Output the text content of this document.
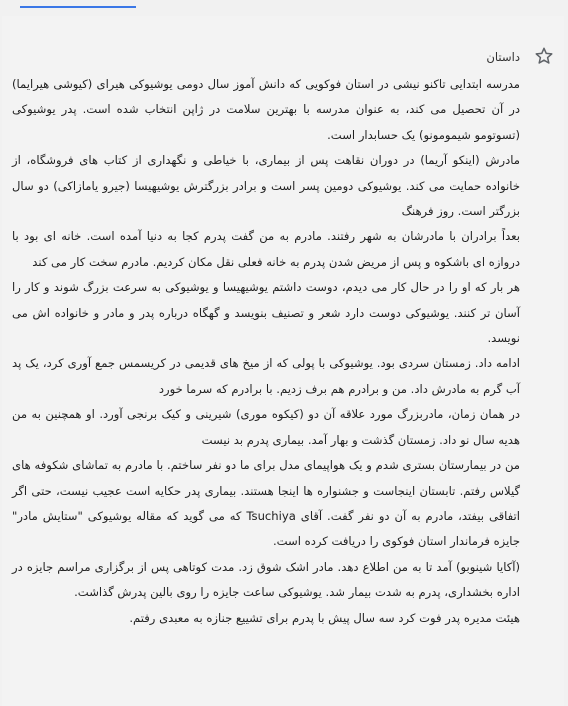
داستان

مدرسه ابتدایی تاکنو نیشی در استان فوکویی که دانش آموز سال دومی یوشیوکی هیرای (کیوشی هیرایما) در آن تحصیل می کند، به عنوان مدرسه با بهترین سلامت در ژاپن انتخاب شده است. پدر یوشیوکی (تسوتومو شیمومونو) یک حسابدار است.

مادرش (اینکو آریما) در دوران نقاهت پس از بیماری، با خیاطی و نگهداری از کتاب های فروشگاه، از خانواده حمایت می کند. یوشیوکی دومین پسر است و برادر بزرگترش یوشیهیسا (جیرو یامازاکی) دو سال بزرگتر است. روز فرهنگ

بعداً برادران با مادرشان به شهر رفتند. مادرم به من گفت پدرم کجا به دنیا آمده است. خانه ای بود با دروازه ای باشکوه و پس از مریض شدن پدرم به خانه فعلی نقل مکان کردیم. مادرم سخت کار می کند

هر بار که او را در حال کار می دیدم، دوست داشتم یوشیهیسا و یوشیوکی به سرعت بزرگ شوند و کار را آسان تر کنند. یوشیوکی دوست دارد شعر و تصنیف بنویسد و گهگاه درباره پدر و مادر و خانواده اش می نویسد.

ادامه داد. زمستان سردی بود. یوشیوکی با پولی که از میخ های قدیمی در کریسمس جمع آوری کرد، یک پد آب گرم به مادرش داد. من و برادرم هم برف زدیم. با برادرم که سرما خورد

در همان زمان، مادربزرگ مورد علاقه آن دو (کیکوه موری) شیرینی و کیک برنجی آورد. او همچنین به من هدیه سال نو داد. زمستان گذشت و بهار آمد. بیماری پدرم بد نیست

من در بیمارستان بستری شدم و یک هواپیمای مدل برای ما دو نفر ساختم. با مادرم به تماشای شکوفه های گیلاس رفتم. تابستان اینجاست و جشنواره ها اینجا هستند. بیماری پدر حکایه است عجیب نیست، حتی اگر اتفاقی بیفتد، مادرم به آن دو نفر گفت. آقای Tsuchiya که می گوید که مقاله یوشیوکی "ستایش مادر" جایزه فرماندار استان فوکوی را دریافت کرده است.

(آکایا شینوبو) آمد تا به من اطلاع دهد. مادر اشک شوق زد. مدت کوتاهی پس از برگزاری مراسم جایزه در اداره بخشداری، پدرم به شدت بیمار شد. یوشیوکی ساعت جایزه را روی بالین پدرش گذاشت.

هیئت مدیره پدر فوت کرد سه سال پیش با پدرم برای تشییع جنازه به معبدی رفتم.
